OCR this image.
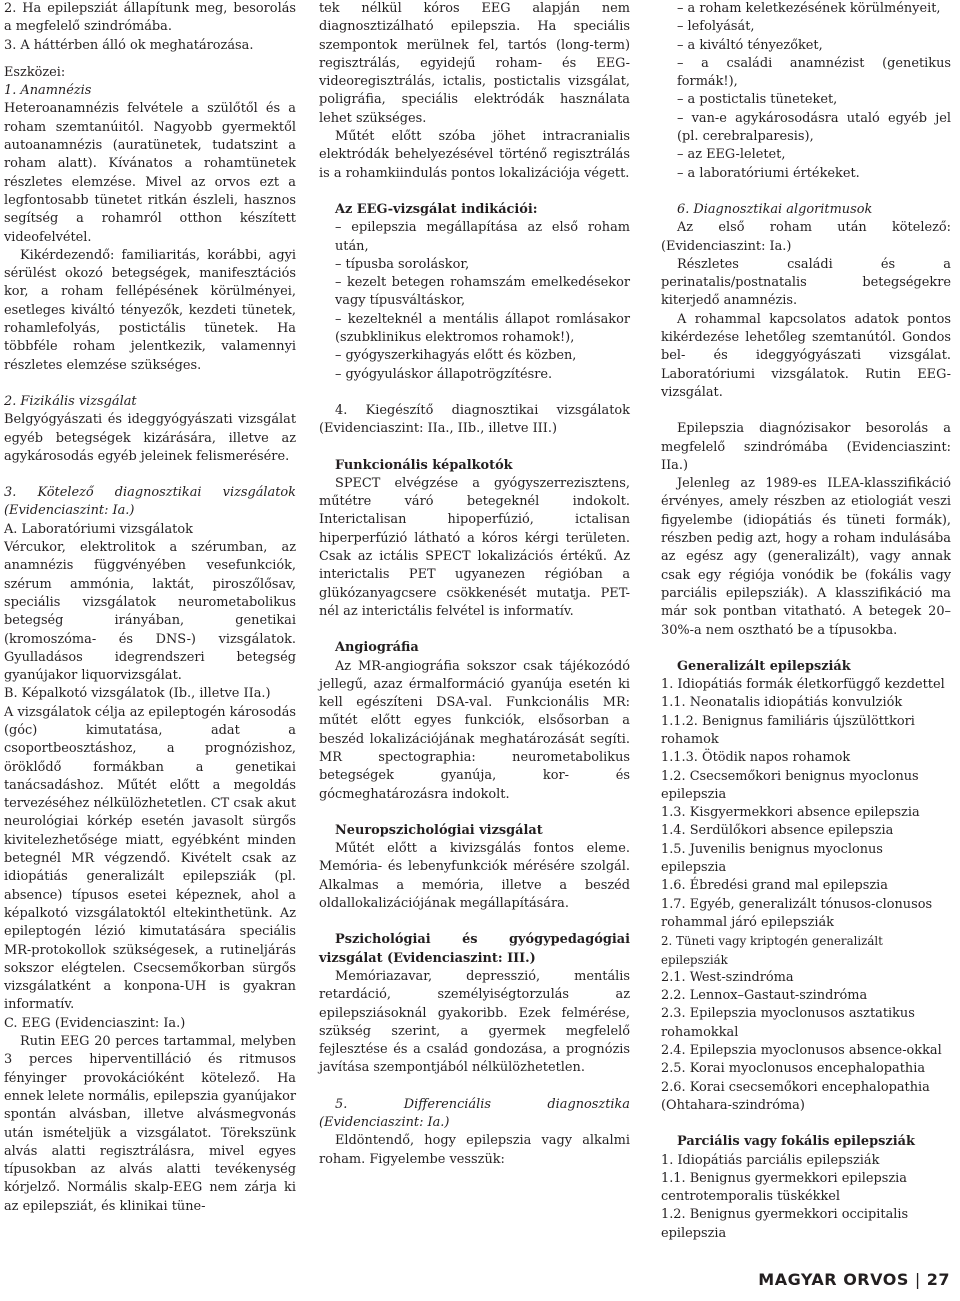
2. Ha epilepsziát állapítunk meg, besorolás a megfelelő szindrómába.

3. A háttérben álló ok meghatározása.

Eszközei:

1. Anamnézis

Heteroanamnézis felvétele a szülőtől és a roham szemtanúitól. Nagyobb gyermektől autoanamnézis (auratünetek, tudatszint a roham alatt). Kívánatos a rohamtünetek részletes elemzése. Mivel az orvos ezt a legfontosabb tünetet ritkán észleli, hasznos segítség a rohamról otthon készített videofelvétel.

Kikérdezendő: familiaritás, korábbi, agyi sérülést okozó betegségek, manifesztációs kor, a roham fellépésének körülményei, esetleges kiváltó tényezők, kezdeti tünetek, rohamlefolyás, postictális tünetek. Ha többféle roham jelentkezik, valamennyi részletes elemzése szükséges.

2. Fizikális vizsgálat

Belgyógyászati és ideggyógyászati vizsgálat egyéb betegségek kizárására, illetve az agykárosodás egyéb jeleinek felismerésére.

3. Kötelező diagnosztikai vizsgálatok (Evidenciaszint: Ia.)

A. Laboratóriumi vizsgálatok

Vércukor, elektrolitok a szérumban, az anamnézis függvényében vesefunkciók, szérum ammónia, laktát, piroszőlősav, speciális vizsgálatok neurometabolikus betegség irányában, genetikai (kromoszóma- és DNS-) vizsgálatok. Gyulladásos idegrendszeri betegség gyanújakor liquorvizsgálat.

B. Képalkotó vizsgálatok (Ib., illetve IIa.)

A vizsgálatok célja az epileptogén károsodás (góc) kimutatása, adat a csoportbeosztáshoz, a prognózishoz, öröklődő formákban a genetikai tanácsadáshoz. Műtét előtt a megoldás tervezéséhez nélkülözhetetlen. CT csak akut neurológiai kórkép esetén javasolt sürgős kivitelezhetősége miatt, egyébként minden betegnél MR végzendő. Kivételt csak az idiopátiás generalizált epilepsziák (pl. absence) típusos esetei képeznek, ahol a képalkotó vizsgálatoktól eltekinthetünk. Az epileptogén lézió kimutatására speciális MR-protokollok szükségesek, a rutineljárás sokszor elégtelen. Csecsemőkorban sürgős vizsgálatként a konpona-UH is gyakran informatív.

C. EEG (Evidenciaszint: Ia.)

Rutin EEG 20 perces tartammal, melyben 3 perces hiperventilláció és ritmusos fényinger provokációként kötelező. Ha ennek lelete normális, epilepszia gyanújakor spontán alvásban, illetve alvásmegvonás után ismételjük a vizsgálatot. Törekszünk alvás alatti regisztrálásra, mivel egyes típusokban az alvás alatti tevékenység kórjelző. Normális skalp-EEG nem zárja ki az epilepsziát, és klinikai tüne-

tek nélkül kóros EEG alapján nem diagnosztizálható epilepszia. Ha speciális szempontok merülnek fel, tartós (long-term) regisztrálás, egyidejű roham- és EEG-videoregisztrálás, ictalis, postictalis vizsgálat, poligráfia, speciális elektródák használata lehet szükséges.

Műtét előtt szóba jöhet intracranialis elektródák behelyezésével történő regisztrálás is a rohamkiindulás pontos lokalizációja végett.

Az EEG-vizsgálat indikációi:

– epilepszia megállapítása az első roham után,

– típusba soroláskor,

– kezelt betegen rohamszám emelkedésekor vagy típusváltáskor,

– kezelteknél a mentális állapot romlásakor (szubklinikus elektromos rohamok!),

– gyógyszerkihagyás előtt és közben,

– gyógyuláskor állapotrögzítésre.

4. Kiegészítő diagnosztikai vizsgálatok (Evidenciaszint: IIa., IIb., illetve III.)

Funkcionális képalkotók

SPECT elvégzése a gyógyszerrezisztens, műtétre váró betegeknél indokolt. Interictalisan hipoperfúzió, ictalisan hiperperfúzió látható a kóros kérgi területen. Csak az ictális SPECT lokalizációs értékű. Az interictalis PET ugyanezen régióban a glükózanyagcsere csökkenését mutatja. PET-nél az interictális felvétel is informatív.

Angiográfia

Az MR-angiográfia sokszor csak tájékozódó jellegű, azaz érmalformáció gyanúja esetén ki kell egészíteni DSA-val. Funkcionális MR: műtét előtt egyes funkciók, elsősorban a beszéd lokalizációjának meghatározását segíti. MR spectographia: neurometabolikus betegségek gyanúja, kor- és gócmeghatározásra indokolt.

Neuropszichológiai vizsgálat

Műtét előtt a kivizsgálás fontos eleme. Memória- és lebenyfunkciók mérésére szolgál. Alkalmas a memória, illetve a beszéd oldallokalizációjának megállapítására.

Pszichológiai és gyógypedagógiai vizsgálat (Evidenciaszint: III.)

Memóriazavar, depresszió, mentális retardáció, személyiségtorzulás az epilepsziásoknál gyakoribb. Ezek felmérése, szükség szerint, a gyermek megfelelő fejlesztése és a család gondozása, a prognózis javítása szempontjából nélkülözhetetlen.

5. Differenciális diagnosztika (Evidenciaszint: Ia.)

Eldöntendő, hogy epilepszia vagy alkalmi roham. Figyelembe vesszük:

– a roham keletkezésének körülményeit,

– lefolyását,

– a kiváltó tényezőket,

– a családi anamnézist (genetikus formák!),

– a postictalis tüneteket,

– van-e agykárosodásra utaló egyéb jel (pl. cerebralparesis),

– az EEG-leletet,

– a laboratóriumi értékeket.

6. Diagnosztikai algoritmusok

Az első roham után kötelező: (Evidenciaszint: Ia.)

Részletes családi és a perinatalis/postnatalis betegségekre kiterjedő anamnézis.

A rohammal kapcsolatos adatok pontos kikérdezése lehetőleg szemtanútól. Gondos bel- és ideggyógyászati vizsgálat. Laboratóriumi vizsgálatok. Rutin EEG-vizsgálat.

Epilepszia diagnózisakor besorolás a megfelelő szindrómába (Evidenciaszint: IIa.)

Jelenleg az 1989-es ILEA-klasszifikáció érvényes, amely részben az etiologiát veszi figyelembe (idiopátiás és tüneti formák), részben pedig azt, hogy a roham indulásába az egész agy (generalizált), vagy annak csak egy régiója vonódik be (fokális vagy parciális epilepsziák). A klasszifikáció ma már sok pontban vitatható. A betegek 20–30%-a nem osztható be a típusokba.

Generalizált epilepsziák

1. Idiopátiás formák életkorfüggő kezdettel

1.1. Neonatalis idiopátiás konvulziók

1.1.2. Benignus familiáris újszülöttkori rohamok

1.1.3. Ötödik napos rohamok

1.2. Csecsemőkori benignus myoclonus epilepszia

1.3. Kisgyermekkori absence epilepszia

1.4. Serdülőkori absence epilepszia

1.5. Juvenilis benignus myoclonus epilepszia

1.6. Ébredési grand mal epilepszia

1.7. Egyéb, generalizált tónusos-clonusos rohammal járó epilepsziák

2. Tüneti vagy kriptogén generalizált epilepsziák

2.1. West-szindróma

2.2. Lennox–Gastaut-szindróma

2.3. Epilepszia myoclonusos asztatikus rohamokkal

2.4. Epilepszia myoclonusos absence-okkal

2.5. Korai myoclonusos encephalopathia

2.6. Korai csecsemőkori encephalopathia (Ohtahara-szindróma)

Parciális vagy fokális epilepsziák

1. Idiopátiás parciális epilepsziák

1.1. Benignus gyermekkori epilepszia centrotemporalis tüskékkel

1.2. Benignus gyermekkori occipitalis epilepszia

MAGYAR ORVOS | 27
